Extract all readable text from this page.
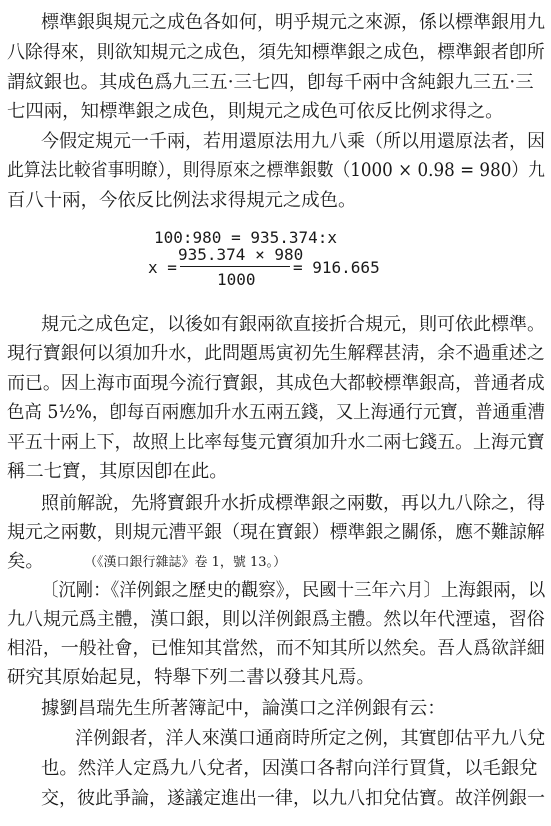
標準銀與規元之成色各如何，明乎規元之來源，係以標準銀用九
八除得來，則欲知規元之成色，須先知標準銀之成色，標準銀者卽所
謂紋銀也。其成色爲九三五·三七四，卽每千兩中含純銀九三五·三
七四兩，知標準銀之成色，則規元之成色可依反比例求得之。
今假定規元一千兩，若用還原法用九八乘（所以用還原法者，因
此算法比較省事明瞭），則得原來之標準銀數（1000 × 0.98 = 980）九
百八十兩，今依反比例法求得規元之成色。
100:980 = 935.374:x
x =
935.374 × 980
1000
= 916.665
規元之成色定，以後如有銀兩欲直接折合規元，則可依此標準。
現行寶銀何以須加升水，此問題馬寅初先生解釋甚淸，余不過重述之
而已。因上海市面現今流行寶銀，其成色大都較標準銀高，普通者成
色高 5½%，卽每百兩應加升水五兩五錢，又上海通行元寶，普通重漕
平五十兩上下，故照上比率每隻元寶須加升水二兩七錢五。上海元寶
稱二七寶，其原因卽在此。
照前解說，先將寶銀升水折成標準銀之兩數，再以九八除之，得
規元之兩數，則規元漕平銀（現在寶銀）標準銀之關係，應不難諒解
矣。	（《漢口銀行雜誌》卷 1，號 13。）
〔沉剛：《洋例銀之歷史的觀察》，民國十三年六月〕上海銀兩，以
九八規元爲主體，漢口銀，則以洋例銀爲主體。然以年代湮遠，習俗
相沿，一般社會，已惟知其當然，而不知其所以然矣。吾人爲欲詳細
研究其原始起見，特舉下列二書以發其凡焉。
據劉昌瑞先生所著簿記中，論漢口之洋例銀有云：
洋例銀者，洋人來漢口通商時所定之例，其實卽估平九八兌
也。然洋人定爲九八兌者，因漢口各幇向洋行買貨，以毛銀兌
交，彼此爭論，遂議定進出一律，以九八扣兌估寶。故洋例銀一
